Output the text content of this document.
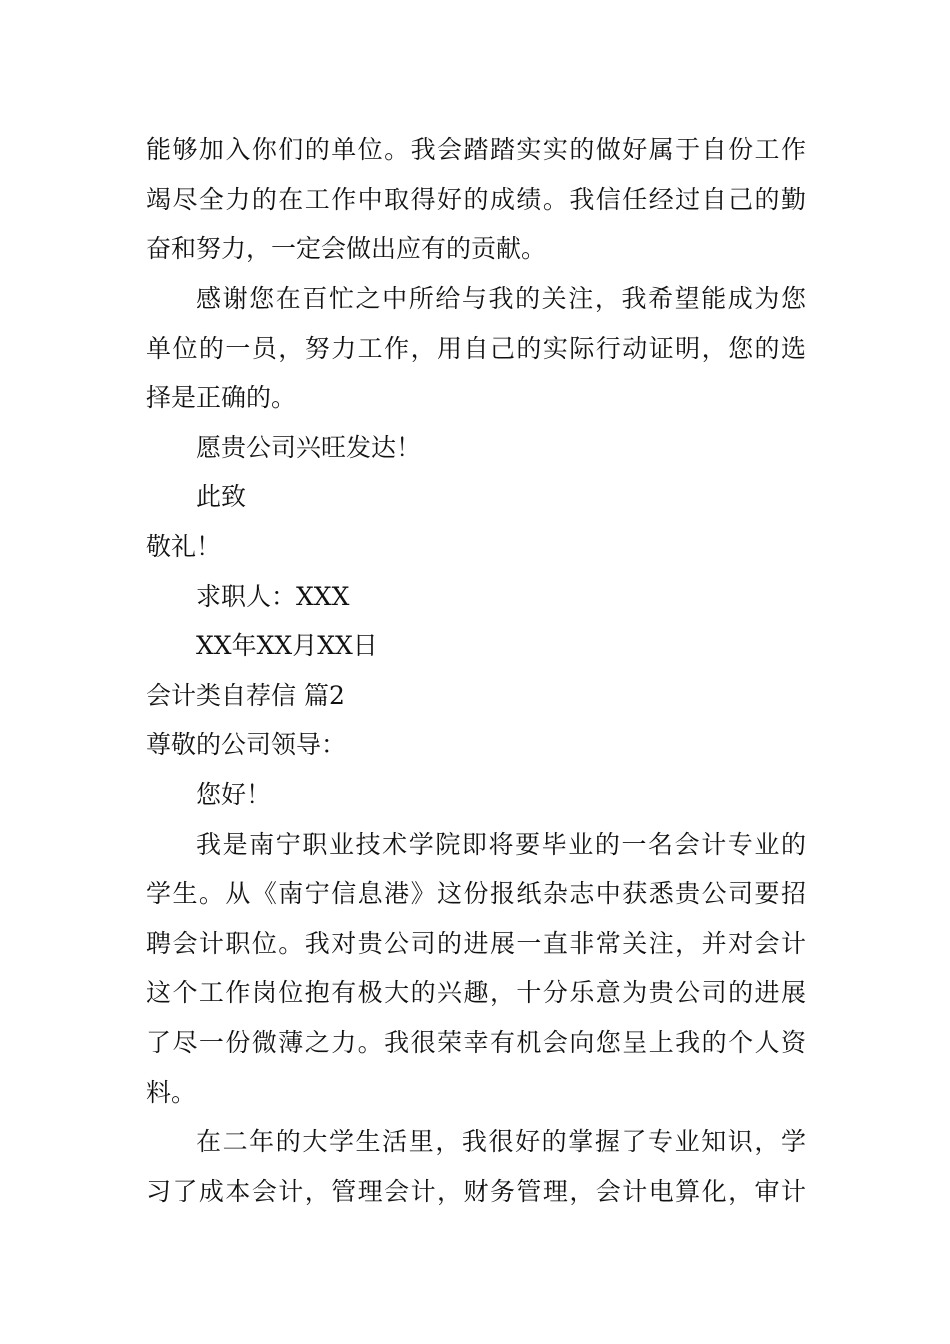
能够加入你们的单位。我会踏踏实实的做好属于自份工作
竭尽全力的在工作中取得好的成绩。我信任经过自己的勤
奋和努力，一定会做出应有的贡献。
感谢您在百忙之中所给与我的关注，我希望能成为您
单位的一员，努力工作，用自己的实际行动证明，您的选
择是正确的。
愿贵公司兴旺发达！
此致
敬礼！
求职人：XXX
XX年XX月XX日
会计类自荐信 篇2
尊敬的公司领导：
您好！
我是南宁职业技术学院即将要毕业的一名会计专业的
学生。从《南宁信息港》这份报纸杂志中获悉贵公司要招
聘会计职位。我对贵公司的进展一直非常关注，并对会计
这个工作岗位抱有极大的兴趣，十分乐意为贵公司的进展
了尽一份微薄之力。我很荣幸有机会向您呈上我的个人资
料。
在二年的大学生活里，我很好的掌握了专业知识，学
习了成本会计，管理会计，财务管理，会计电算化，审计
